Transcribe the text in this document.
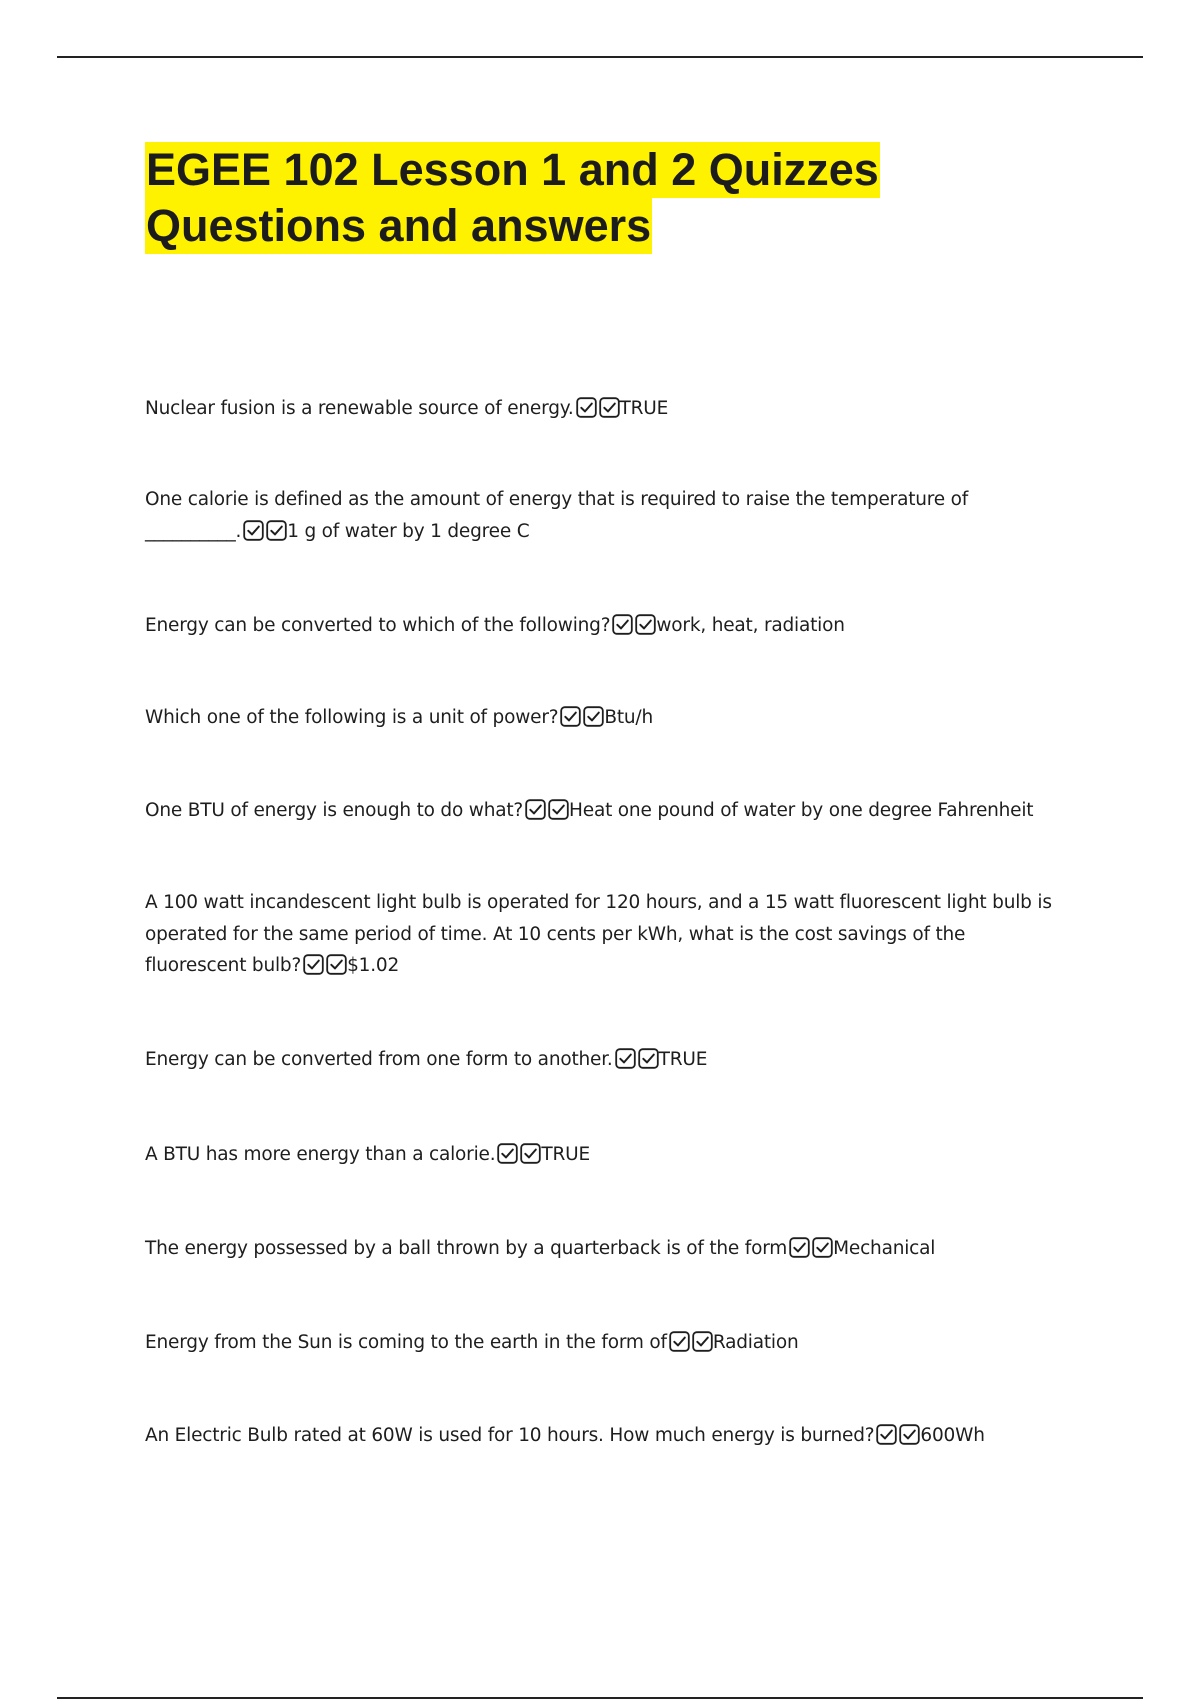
EGEE 102 Lesson 1 and 2 Quizzes
Questions and answers

Nuclear fusion is a renewable source of energy. TRUE

One calorie is defined as the amount of energy that is required to raise the temperature of __________. 1 g of water by 1 degree C

Energy can be converted to which of the following? work, heat, radiation

Which one of the following is a unit of power? Btu/h

One BTU of energy is enough to do what? Heat one pound of water by one degree Fahrenheit

A 100 watt incandescent light bulb is operated for 120 hours, and a 15 watt fluorescent light bulb is operated for the same period of time. At 10 cents per kWh, what is the cost savings of the fluorescent bulb? $1.02

Energy can be converted from one form to another. TRUE

A BTU has more energy than a calorie. TRUE

The energy possessed by a ball thrown by a quarterback is of the form Mechanical

Energy from the Sun is coming to the earth in the form of Radiation

An Electric Bulb rated at 60W is used for 10 hours. How much energy is burned? 600Wh
